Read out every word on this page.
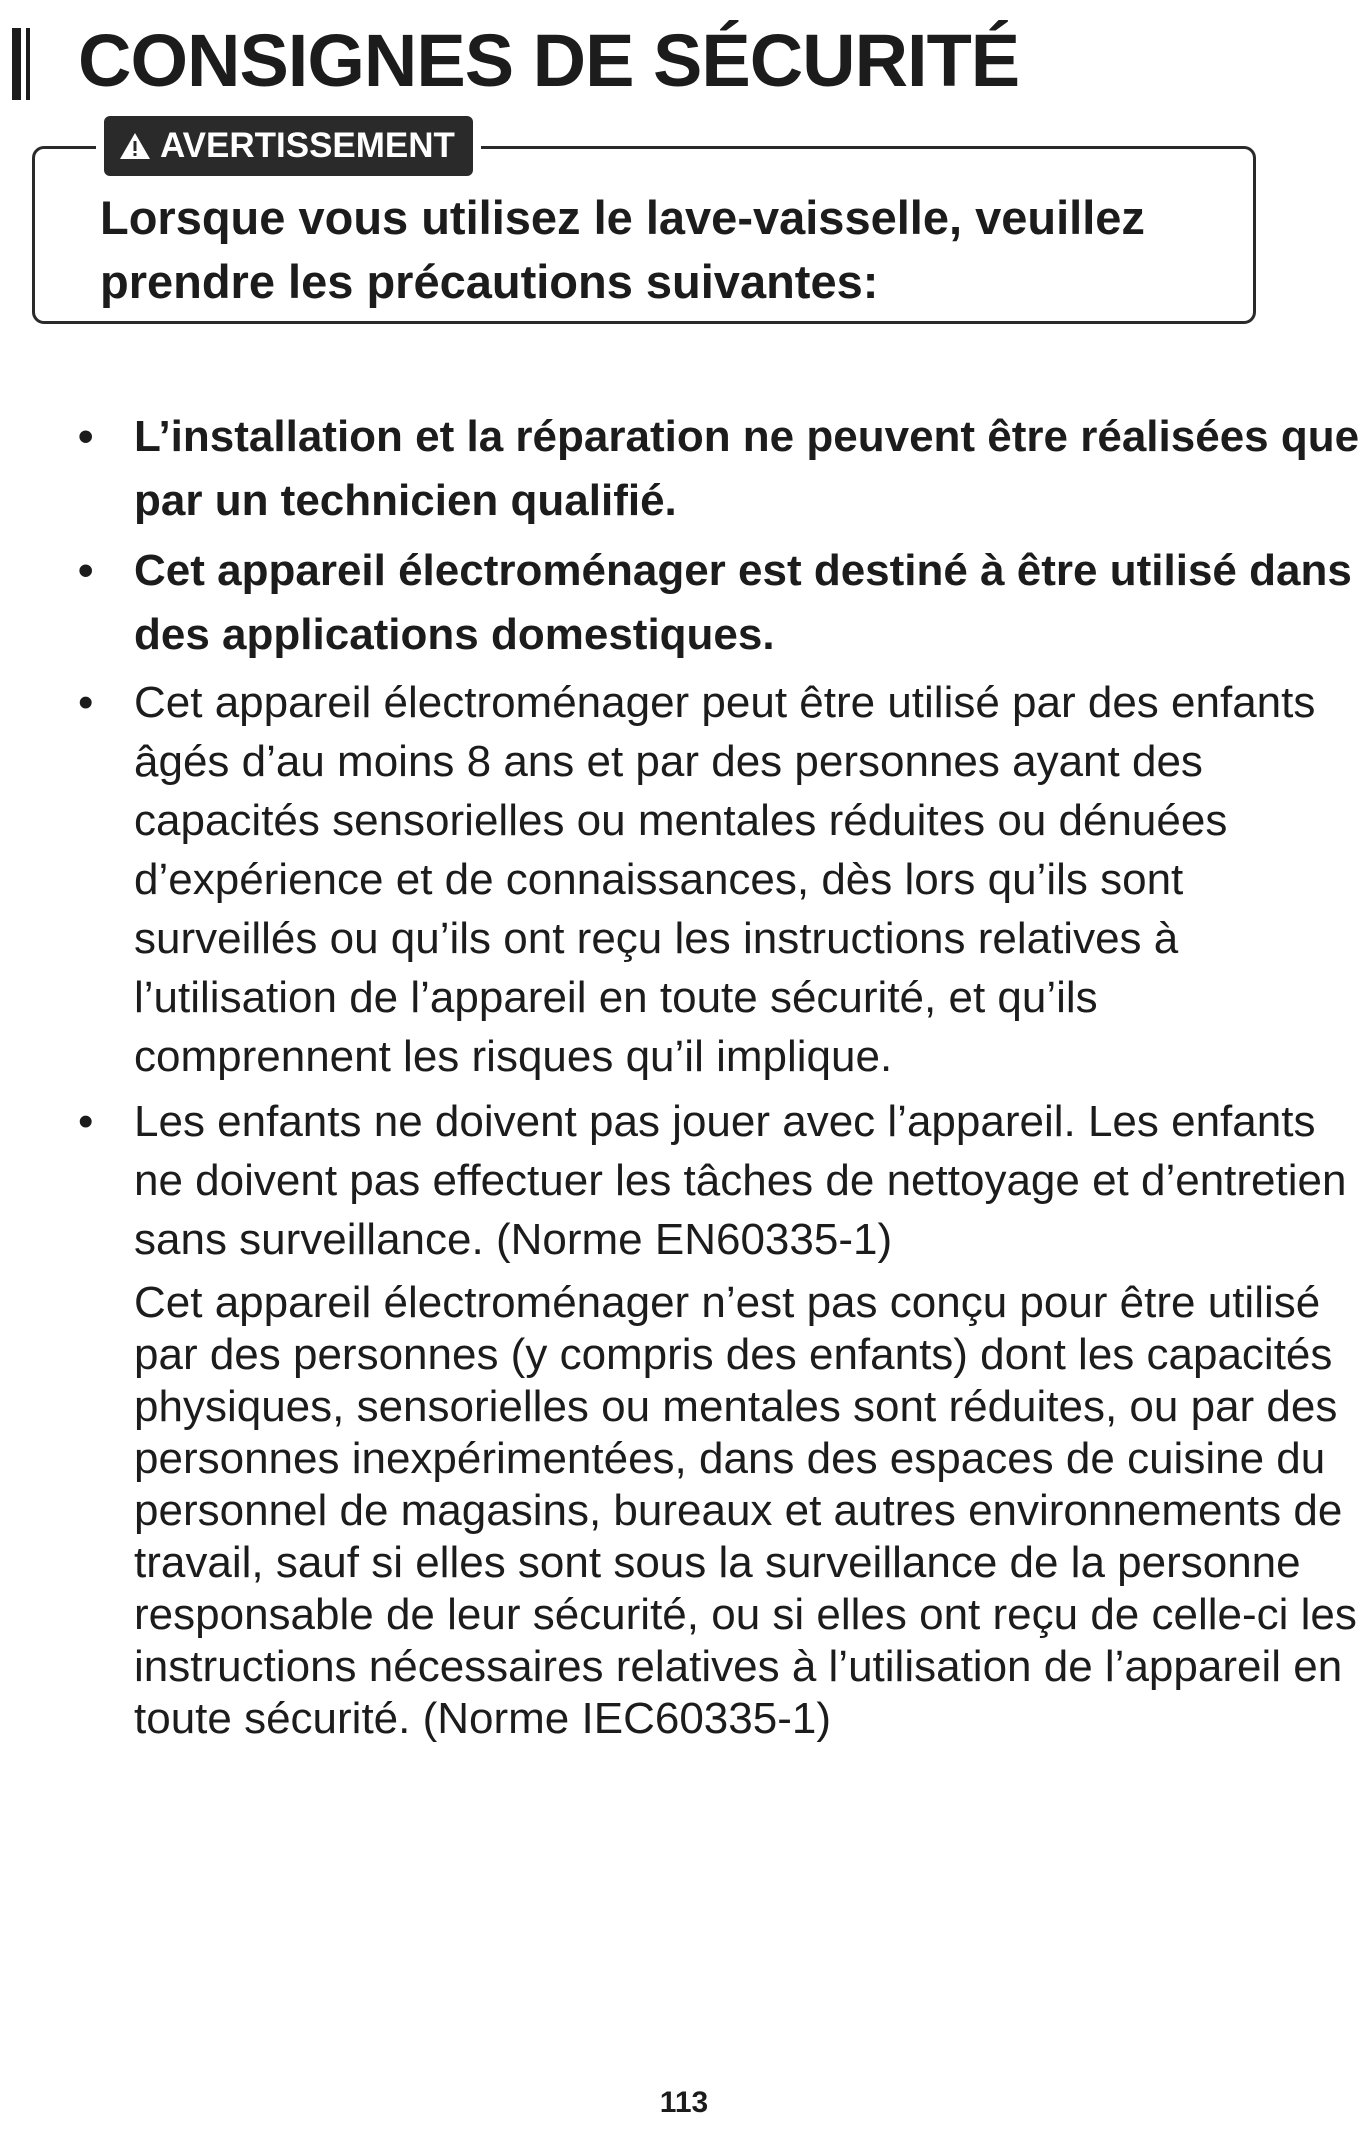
CONSIGNES DE SÉCURITÉ
AVERTISSEMENT

Lorsque vous utilisez le lave-vaisselle, veuillez prendre les précautions suivantes:

• L’installation et la réparation ne peuvent être réalisées que par un technicien qualifié.
• Cet appareil électroménager est destiné à être utilisé dans des applications domestiques.
• Cet appareil électroménager peut être utilisé par des enfants âgés d’au moins 8 ans et par des personnes ayant des capacités sensorielles ou mentales réduites ou dénuées d’expérience et de connaissances, dès lors qu’ils sont surveillés ou qu’ils ont reçu les instructions relatives à l’utilisation de l’appareil en toute sécurité, et qu’ils comprennent les risques qu’il implique.
• Les enfants ne doivent pas jouer avec l’appareil. Les enfants ne doivent pas effectuer les tâches de nettoyage et d’entretien sans surveillance. (Norme EN60335-1)
Cet appareil électroménager n’est pas conçu pour être utilisé par des personnes (y compris des enfants) dont les capacités physiques, sensorielles ou mentales sont réduites, ou par des personnes inexpérimentées, dans des espaces de cuisine du personnel de magasins, bureaux et autres environnements de travail, sauf si elles sont sous la surveillance de la personne responsable de leur sécurité, ou si elles ont reçu de celle-ci les instructions nécessaires relatives à l’utilisation de l’appareil en toute sécurité. (Norme IEC60335-1)
113
